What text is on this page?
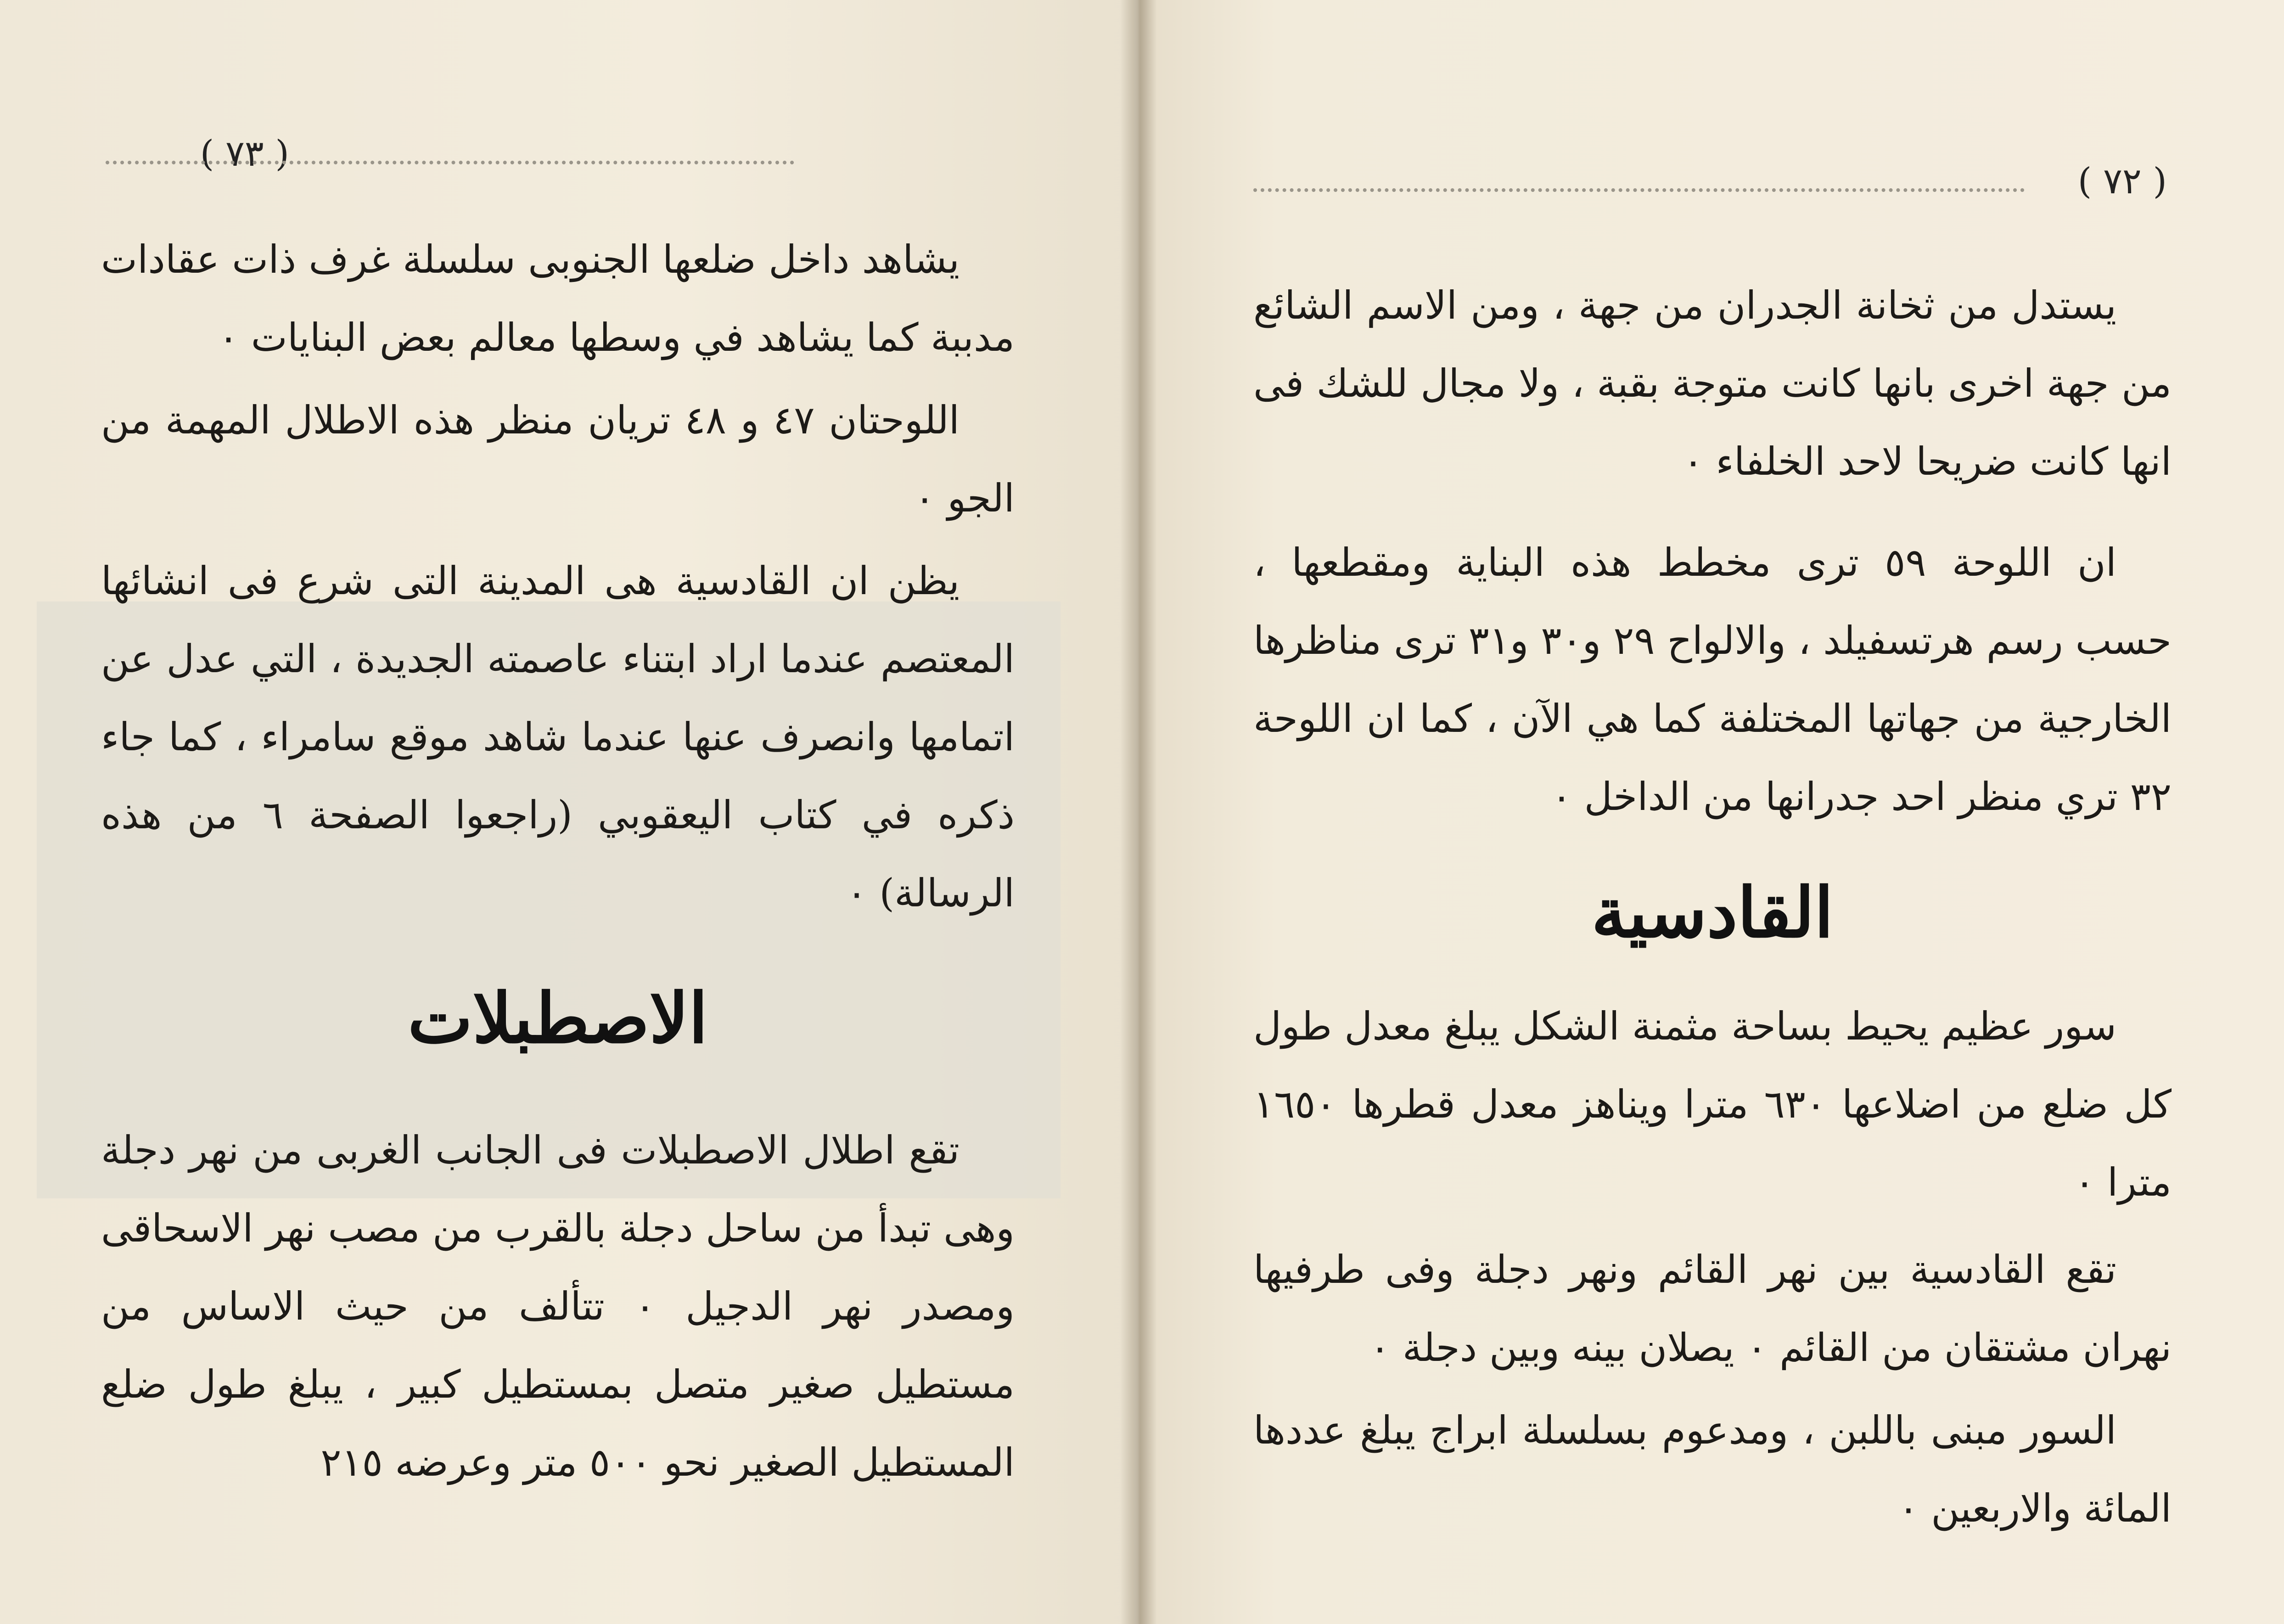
( ٧٣ )

يشاهد داخل ضلعها الجنوبى سلسلة غرف ذات عقادات مدببة كما يشاهد في وسطها معالم بعض البنايات ٠

اللوحتان ٤٧ و ٤٨ تريان منظر هذه الاطلال المهمة من الجو ٠

يظن ان القادسية هى المدينة التى شرع فى انشائها المعتصم عندما اراد ابتناء عاصمته الجديدة ، التي عدل عن اتمامها وانصرف عنها عندما شاهد موقع سامراء ، كما جاء ذكره في كتاب اليعقوبي (راجعوا الصفحة ٦ من هذه الرسالة) ٠

الاصطبلات

تقع اطلال الاصطبلات فى الجانب الغربى من نهر دجلة وهى تبدأ من ساحل دجلة بالقرب من مصب نهر الاسحاقى ومصدر نهر الدجيل ٠ تتألف من حيث الاساس من مستطيل صغير متصل بمستطيل كبير ، يبلغ طول ضلع المستطيل الصغير نحو ٥٠٠ متر وعرضه ٢١٥

( ٧٢ )

يستدل من ثخانة الجدران من جهة ، ومن الاسم الشائع من جهة اخرى بانها كانت متوجة بقبة ، ولا مجال للشك فى انها كانت ضريحا لاحد الخلفاء ٠

ان اللوحة ٥٩ ترى مخطط هذه البناية ومقطعها ، حسب رسم هرتسفيلد ، والالواح ٢٩ و٣٠ و٣١ ترى مناظرها الخارجية من جهاتها المختلفة كما هي الآن ، كما ان اللوحة ٣٢ تري منظر احد جدرانها من الداخل ٠

القادسية

سور عظيم يحيط بساحة مثمنة الشكل يبلغ معدل طول كل ضلع من اضلاعها ٦٣٠ مترا ويناهز معدل قطرها ١٦٥٠ مترا ٠

تقع القادسية بين نهر القائم ونهر دجلة وفى طرفيها نهران مشتقان من القائم ٠ يصلان بينه وبين دجلة ٠

السور مبنى باللبن ، ومدعوم بسلسلة ابراج يبلغ عددها المائة والاربعين ٠
